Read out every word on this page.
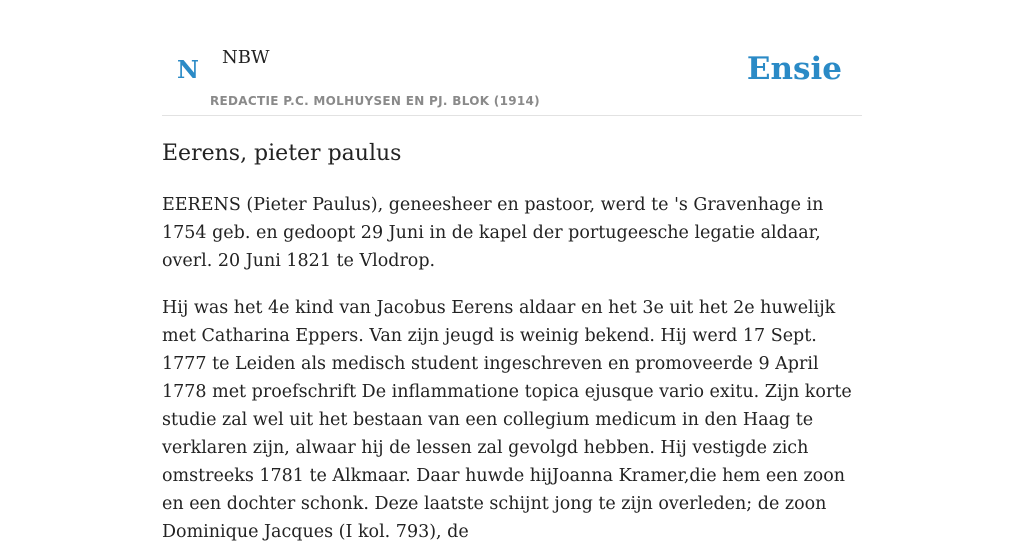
N NBW
REDACTIE P.C. MOLHUYSEN EN PJ. BLOK (1914)
Ensie
Eerens, pieter paulus

EERENS (Pieter Paulus), geneesheer en pastoor, werd te 's Gravenhage in 1754 geb. en gedoopt 29 Juni in de kapel der portugeesche legatie aldaar, overl. 20 Juni 1821 te Vlodrop.

Hij was het 4e kind van Jacobus Eerens aldaar en het 3e uit het 2e huwelijk met Catharina Eppers. Van zijn jeugd is weinig bekend. Hij werd 17 Sept. 1777 te Leiden als medisch student ingeschreven en promoveerde 9 April 1778 met proefschrift De inflammatione topica ejusque vario exitu. Zijn korte studie zal wel uit het bestaan van een collegium medicum in den Haag te verklaren zijn, alwaar hij de lessen zal gevolgd hebben. Hij vestigde zich omstreeks 1781 te Alkmaar. Daar huwde hijJoanna Kramer,die hem een zoon en een dochter schonk. Deze laatste schijnt jong te zijn overleden; de zoon Dominique Jacques (I kol. 793), de
